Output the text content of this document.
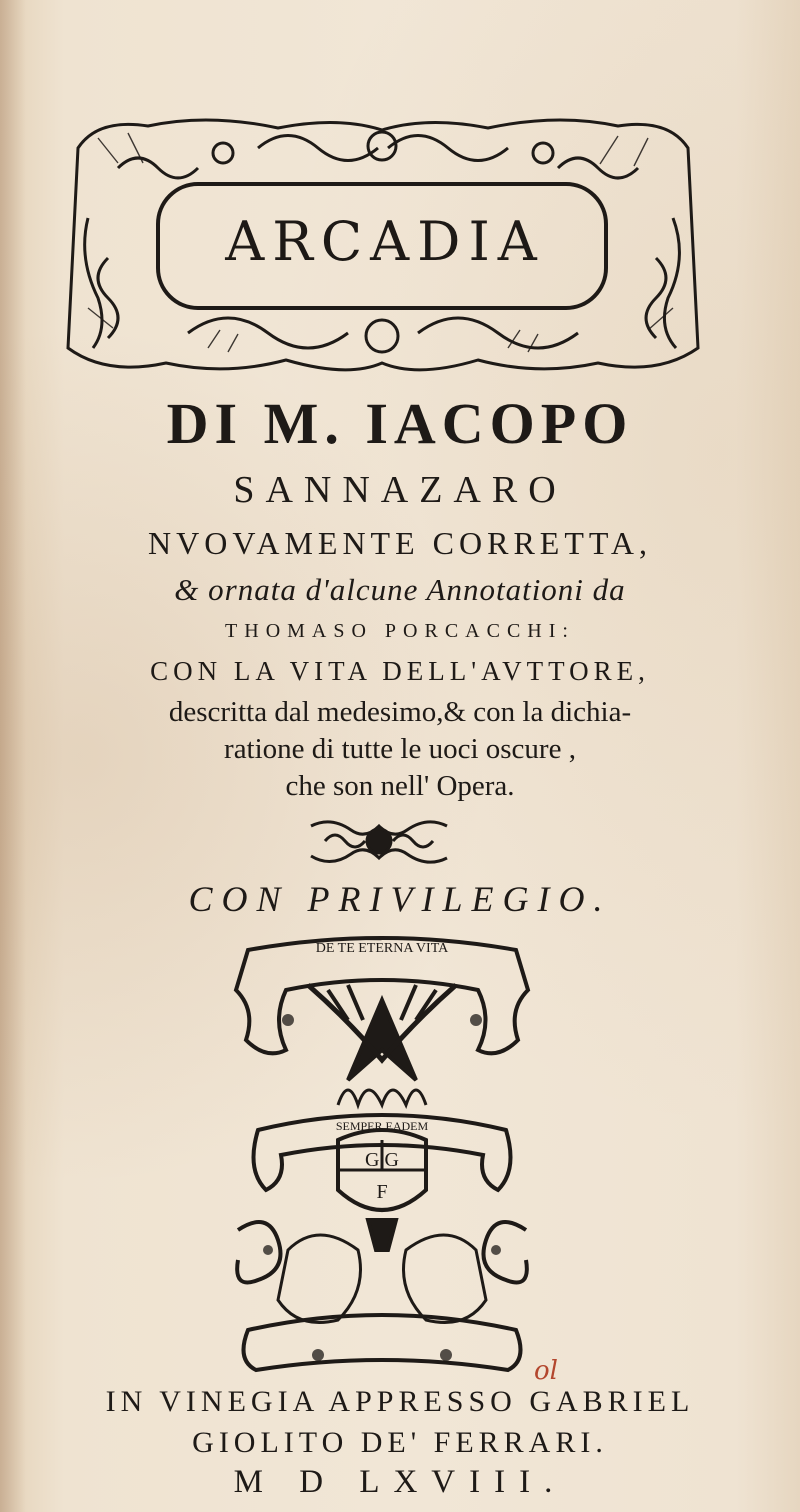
ARCADIA
DI M. IACOPO
SANNAZARO
NVOVAMENTE CORRETTA,
& ornata d'alcune Annotationi da
THOMASO PORCACCHI:
CON LA VITA DELL'AVTTORE,
descritta dal medesimo,& con la dichia-
ratione di tutte le uoci oscure ,
che son nell' Opera.
CON PRIVILEGIO.
DE TE ETERNA VITA
SEMPER EADEM
G G
F
ol
IN VINEGIA APPRESSO GABRIEL
GIOLITO DE' FERRARI.
M D LXVIII.
